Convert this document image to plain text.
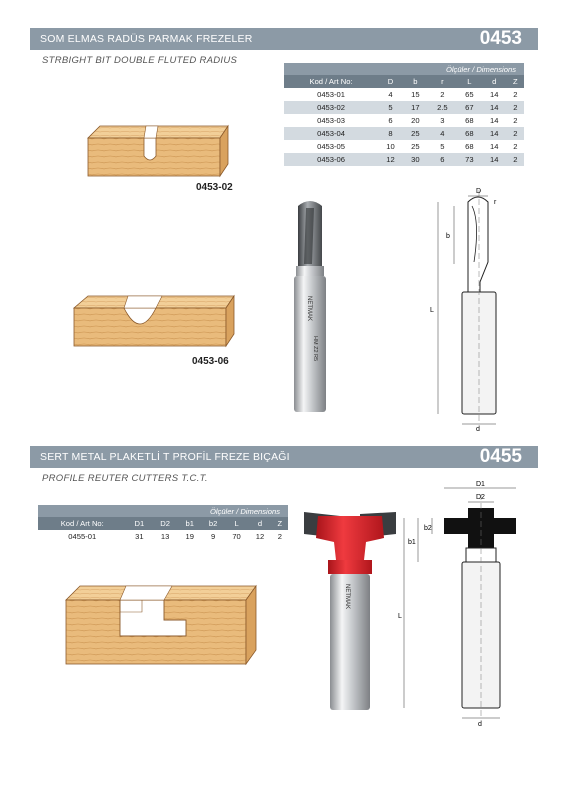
SOM ELMAS RADÜS PARMAK FREZELER	0453
STRBIGHT BIT DOUBLE FLUTED RADIUS
Ölçüler / Dimensions						
Kod / Art No:	D	b	r	L	d	Z
0453-01	4	15	2	65	14	2
0453-02	5	17	2.5	67	14	2
0453-03	6	20	3	68	14	2
0453-04	8	25	4	68	14	2
0453-05	10	25	5	68	14	2
0453-06	12	30	6	73	14	2
0453-02
0453-06
NETMAK
HM Z2 R5
D
r
b
L
d
SERT METAL PLAKETLİ T PROFİL FREZE BIÇAĞI	0455
PROFILE REUTER CUTTERS T.C.T.
Ölçüler / Dimensions							
Kod / Art No:	D1	D2	b1	b2	L	d	Z
0455-01	31	13	19	9	70	12	2
NETMAK
D1
D2
b1
b2
L
d
